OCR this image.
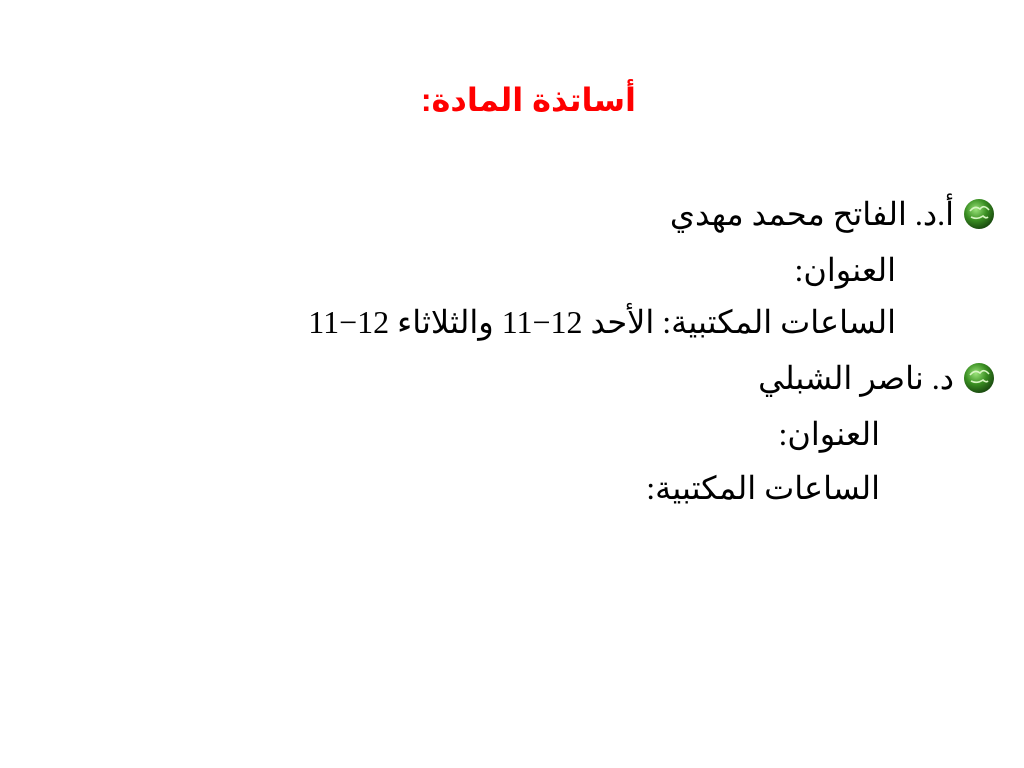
أساتذة المادة:
أ.د. الفاتح محمد مهدي
العنوان:
الساعات المكتبية: الأحد 11−12 والثلاثاء 11−12
د. ناصر الشبلي
العنوان:
الساعات المكتبية:
